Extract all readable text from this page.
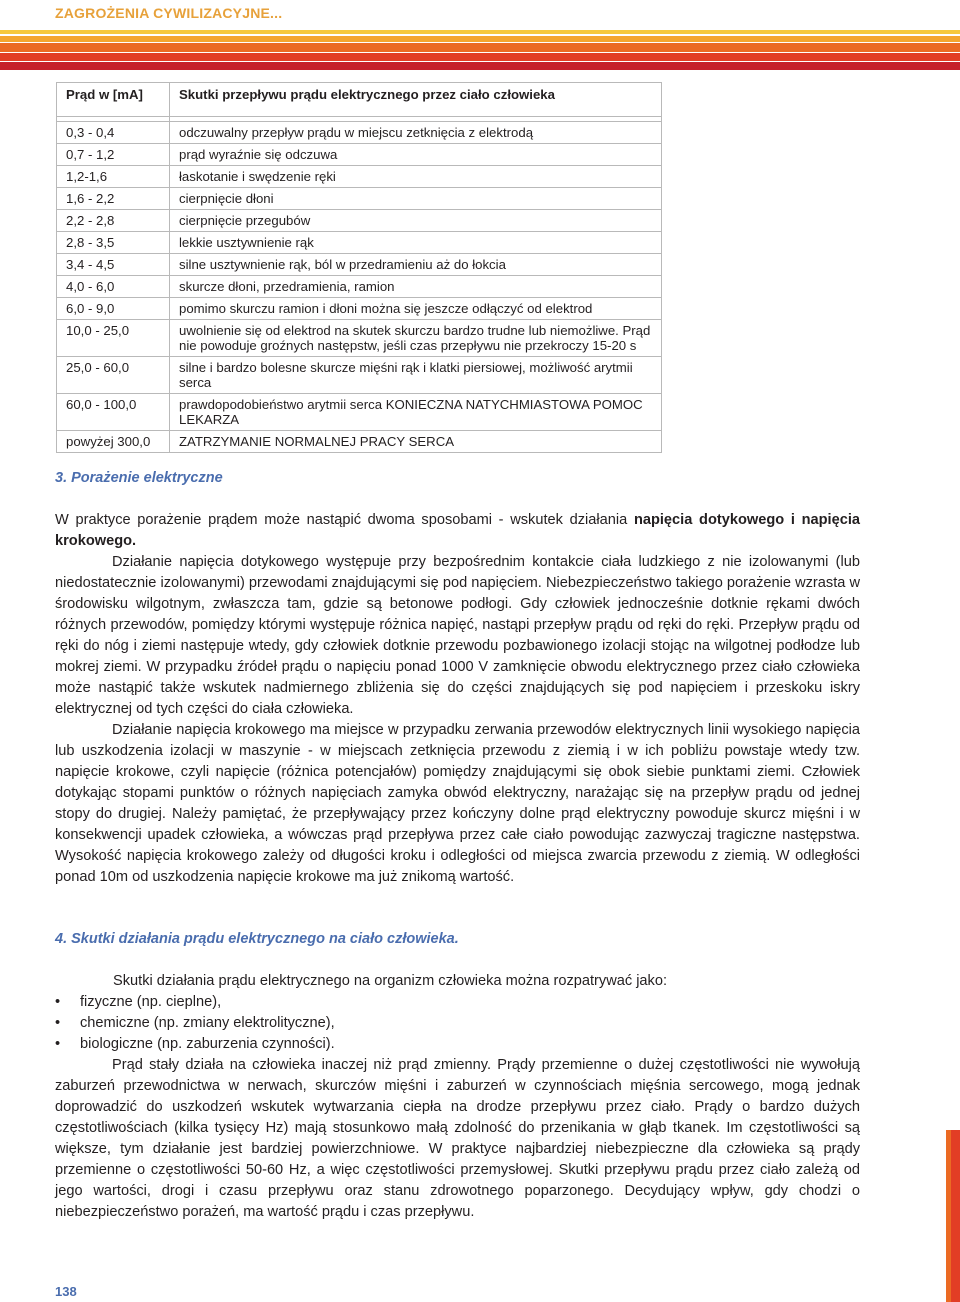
ZAGROŻENIA CYWILIZACYJNE...
Prąd w [mA]	Skutki przepływu prądu elektrycznego przez ciało człowieka

0,3 - 0,4	odczuwalny przepływ prądu w miejscu zetknięcia z elektrodą
0,7 - 1,2	prąd wyraźnie się odczuwa
1,2-1,6	łaskotanie i swędzenie ręki
1,6 - 2,2	cierpnięcie dłoni
2,2 - 2,8	cierpnięcie przegubów
2,8 - 3,5	lekkie usztywnienie rąk
3,4 - 4,5	silne usztywnienie rąk, ból w przedramieniu aż do łokcia
4,0 - 6,0	skurcze dłoni, przedramienia, ramion
6,0 - 9,0	pomimo skurczu ramion i dłoni można się jeszcze odłączyć od elektrod
10,0 - 25,0	uwolnienie się od elektrod na skutek skurczu bardzo trudne lub niemożliwe. Prąd nie powoduje groźnych następstw, jeśli czas przepływu nie przekroczy 15-20 s
25,0 - 60,0	silne i bardzo bolesne skurcze mięśni rąk i klatki piersiowej, możliwość arytmii serca
60,0 - 100,0	prawdopodobieństwo arytmii serca KONIECZNA NATYCHMIASTOWA POMOC LEKARZA
powyżej 300,0	ZATRZYMANIE NORMALNEJ PRACY SERCA
3. Porażenie elektryczne

W praktyce porażenie prądem może nastąpić dwoma sposobami - wskutek działania napięcia dotykowego i napięcia krokowego.

Działanie napięcia dotykowego występuje przy bezpośrednim kontakcie ciała ludzkiego z nie izolowanymi (lub niedostatecznie izolowanymi) przewodami znajdującymi się pod napięciem. Niebezpieczeństwo takiego porażenie wzrasta w środowisku wilgotnym, zwłaszcza tam, gdzie są betonowe podłogi. Gdy człowiek jednocześnie dotknie rękami dwóch różnych przewodów, pomiędzy którymi występuje różnica napięć, nastąpi przepływ prądu od ręki do ręki. Przepływ prądu od ręki do nóg i ziemi następuje wtedy, gdy człowiek dotknie przewodu pozbawionego izolacji stojąc na wilgotnej podłodze lub mokrej ziemi. W przypadku źródeł prądu o napięciu ponad 1000 V zamknięcie obwodu elektrycznego przez ciało człowieka może nastąpić także wskutek nadmiernego zbliżenia się do części znajdujących się pod napięciem i przeskoku iskry elektrycznej od tych części do ciała człowieka.

Działanie napięcia krokowego ma miejsce w przypadku zerwania przewodów elektrycznych linii wysokiego napięcia lub uszkodzenia izolacji w maszynie - w miejscach zetknięcia przewodu z ziemią i w ich pobliżu powstaje wtedy tzw. napięcie krokowe, czyli napięcie (różnica potencjałów) pomiędzy znajdującymi się obok siebie punktami ziemi. Człowiek dotykając stopami punktów o różnych napięciach zamyka obwód elektryczny, narażając się na przepływ prądu od jednej stopy do drugiej. Należy pamiętać, że przepływający przez kończyny dolne prąd elektryczny powoduje skurcz mięśni i w konsekwencji upadek człowieka, a wówczas prąd przepływa przez całe ciało powodując zazwyczaj tragiczne następstwa. Wysokość napięcia krokowego zależy od długości kroku i odległości od miejsca zwarcia przewodu z ziemią. W odległości ponad 10m od uszkodzenia napięcie krokowe ma już znikomą wartość.

4. Skutki działania prądu elektrycznego na ciało człowieka.

Skutki działania prądu elektrycznego na organizm człowieka można rozpatrywać jako:

• fizyczne (np. cieplne),
• chemiczne (np. zmiany elektrolityczne),
• biologiczne (np. zaburzenia czynności).

Prąd stały działa na człowieka inaczej niż prąd zmienny. Prądy przemienne o dużej częstotliwości nie wywołują zaburzeń przewodnictwa w nerwach, skurczów mięśni i zaburzeń w czynnościach mięśnia sercowego, mogą jednak doprowadzić do uszkodzeń wskutek wytwarzania ciepła na drodze przepływu przez ciało. Prądy o bardzo dużych częstotliwościach (kilka tysięcy Hz) mają stosunkowo małą zdolność do przenikania w głąb tkanek. Im częstotliwości są większe, tym działanie jest bardziej powierzchniowe. W praktyce najbardziej niebezpieczne dla człowieka są prądy przemienne o częstotliwości 50-60 Hz, a więc częstotliwości przemysłowej. Skutki przepływu prądu przez ciało zależą od jego wartości, drogi i czasu przepływu oraz stanu zdrowotnego poparzonego. Decydujący wpływ, gdy chodzi o niebezpieczeństwo porażeń, ma wartość prądu i czas przepływu.

138
